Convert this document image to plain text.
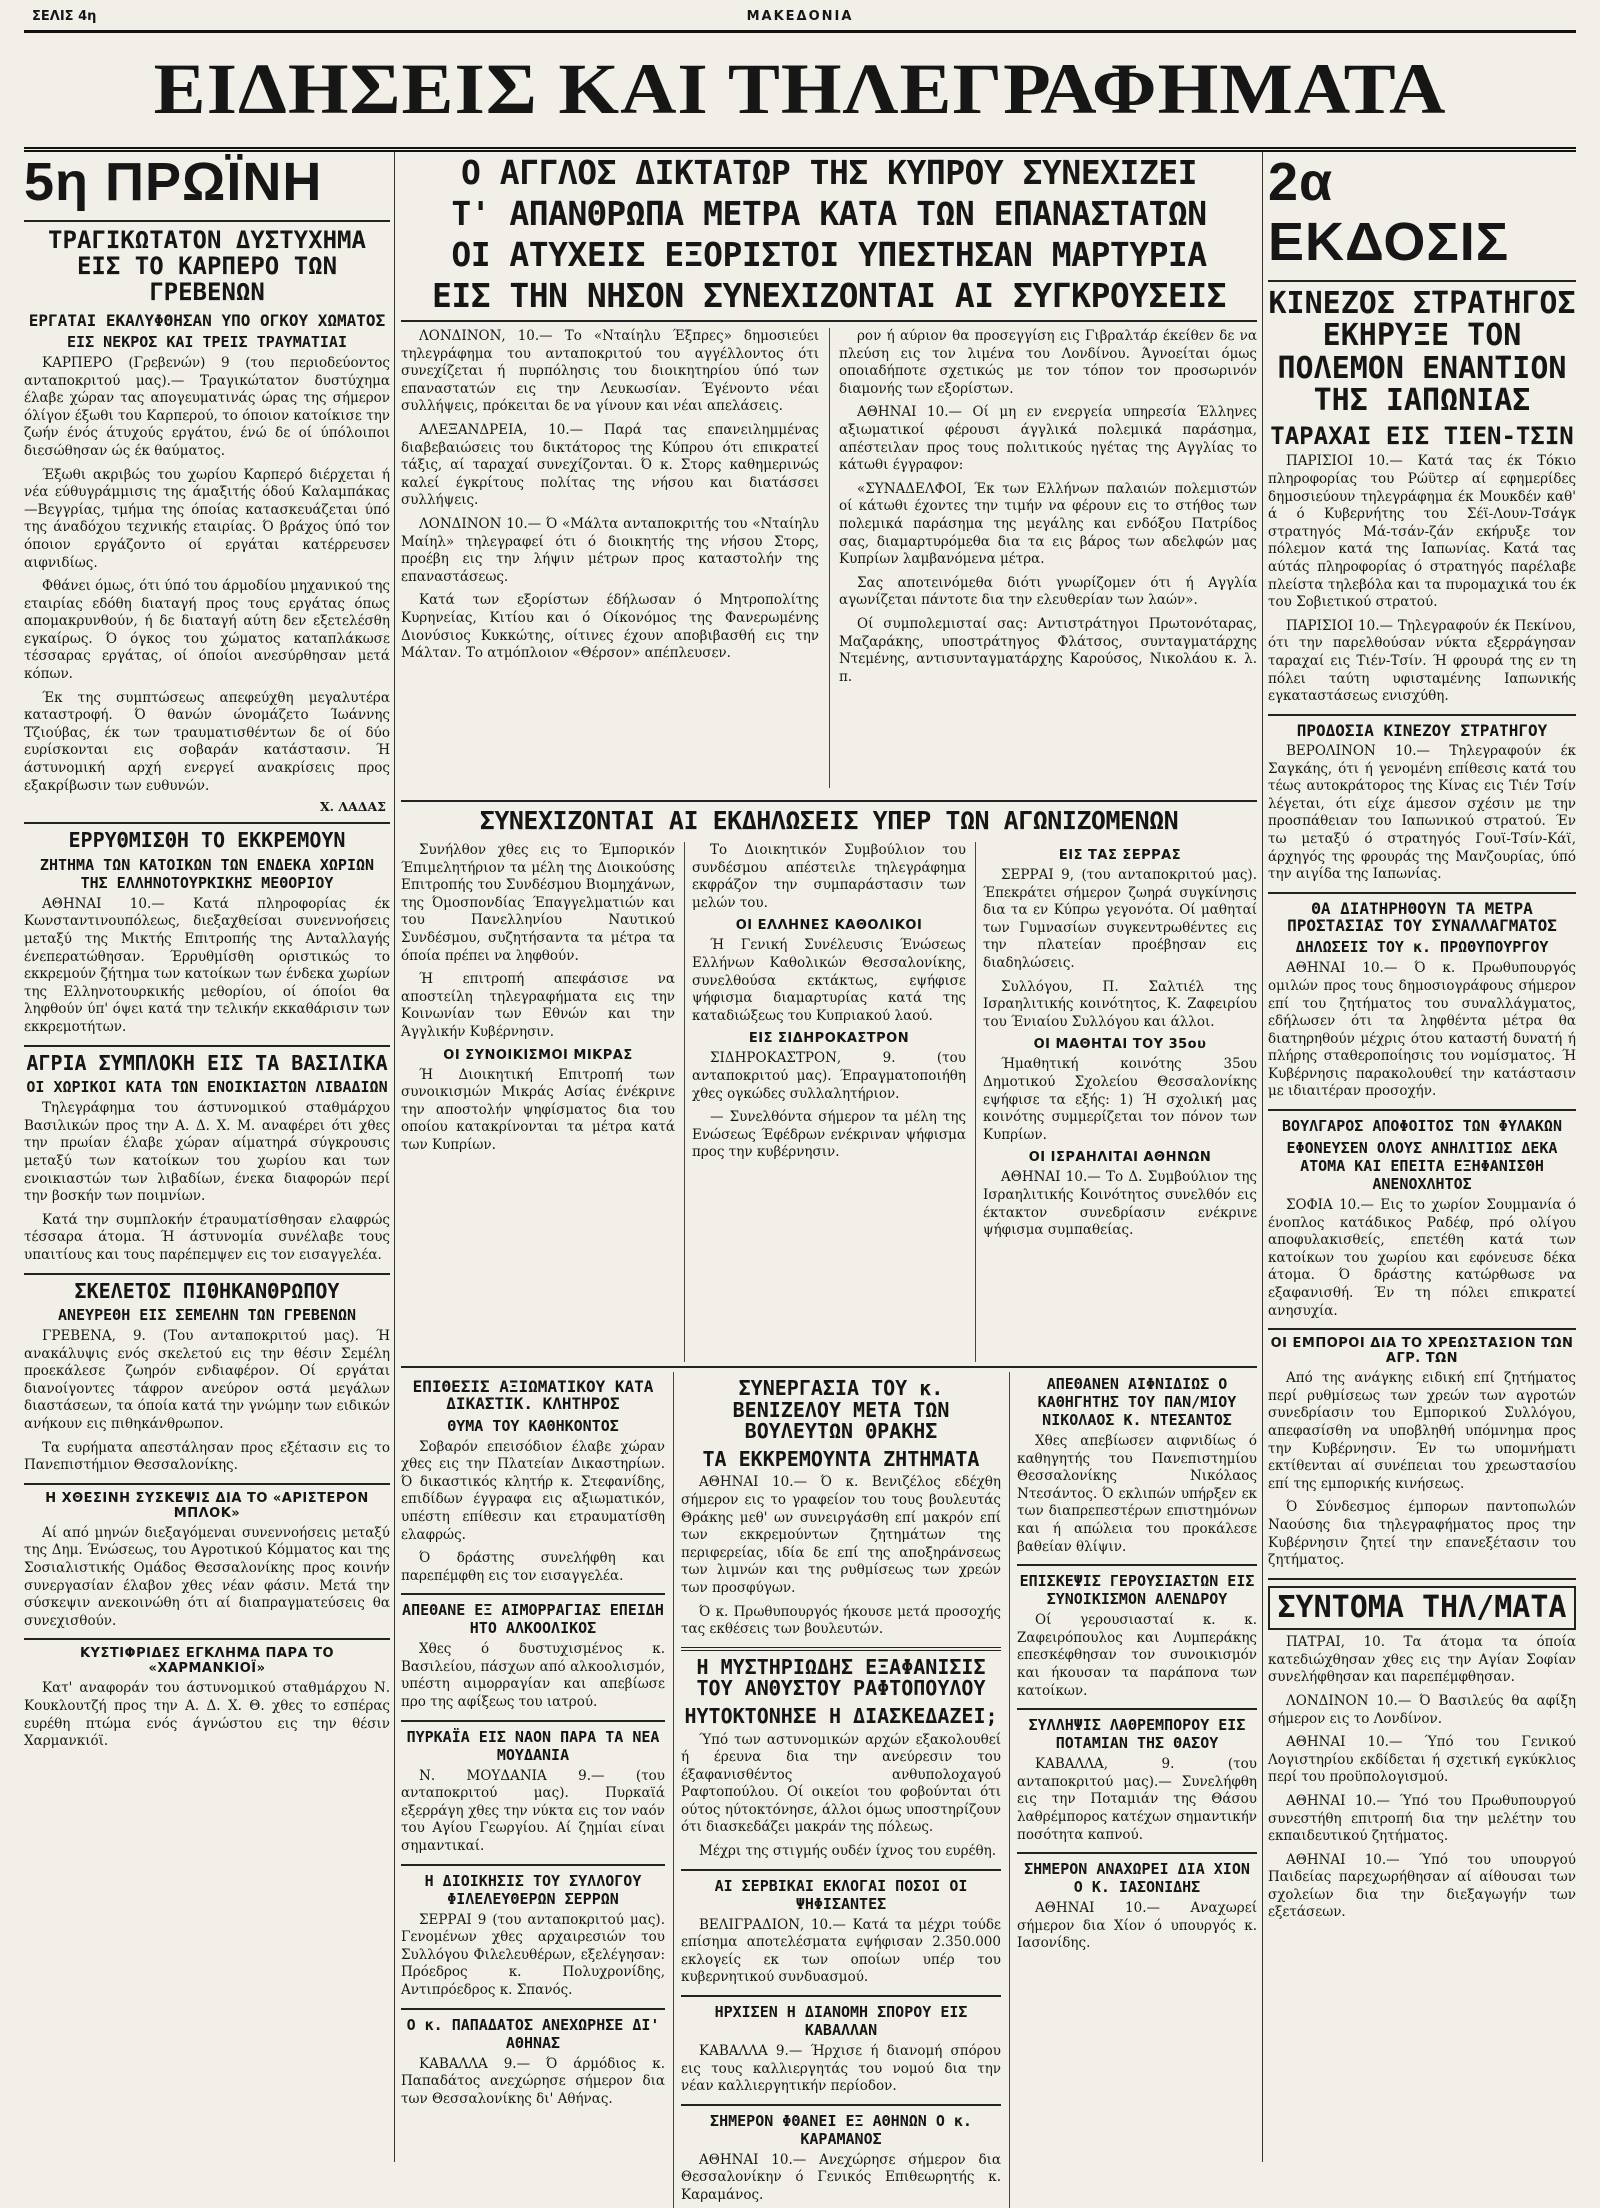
ΣΕΛΙΣ 4η	ΜΑΚΕΔΟΝΙΑ
ΕΙΔΗΣΕΙΣ ΚΑΙ ΤΗΛΕΓΡΑΦΗΜΑΤΑ
5η ΠΡΩΪΝΗ
ΤΡΑΓΙΚΩΤΑΤΟΝ ΔΥΣΤΥΧΗΜΑ ΕΙΣ ΤΟ ΚΑΡΠΕΡΟ ΤΩΝ ΓΡΕΒΕΝΩΝ
ΕΡΓΑΤΑΙ ΕΚΑΛΥΦΘΗΣΑΝ ΥΠΟ ΟΓΚΟΥ ΧΩΜΑΤΟΣ
ΕΙΣ ΝΕΚΡΟΣ ΚΑΙ ΤΡΕΙΣ ΤΡΑΥΜΑΤΙΑΙ

ΚΑΡΠΕΡΟ (Γρεβενών) 9 (του περιοδεύοντος ανταποκριτού μας).— Τραγικώτατον δυστύχημα έλαβε χώραν τας απογευματινάς ώρας της σήμερον όλίγον έξωθι του Καρπερού, το όποιον κατοίκισε την ζωήν ένός άτυχούς εργάτου, ένώ δε οί ύπόλοιποι διεσώθησαν ώς έκ θαύματος.

Έξωθι ακριβώς του χωρίου Καρπερό διέρχεται ή νέα εύθυγράμμισις της άμαξιτής όδού Καλαμπάκας—Βεγγρίας, τμήμα της όποίας κατασκευάζεται ύπό της άναδόχου τεχνικής εταιρίας. Ό βράχος ύπό τον όποιον εργάζοντο οί εργάται κατέρρευσεν αιφνιδίως.

Φθάνει όμως, ότι ύπό του άρμοδίου μηχανικού της εταιρίας εδόθη διαταγή προς τους εργάτας όπως απομακρυνθούν, ή δε διαταγή αύτη δεν εξετελέσθη εγκαίρως. Ό όγκος του χώματος καταπλάκωσε τέσσαρας εργάτας, οί όποίοι ανεσύρθησαν μετά κόπων.

Έκ της συμπτώσεως απεφεύχθη μεγαλυτέρα καταστροφή. Ό θανών ώνομάζετο Ίωάννης Τζιούβας, έκ των τραυματισθέντων δε οί δύο ευρίσκονται εις σοβαράν κατάστασιν. Ή άστυνομική αρχή ενεργεί ανακρίσεις προς εξακρίβωσιν των ευθυνών.

Χ. ΛΑΔΑΣ
ΕΡΡΥΘΜΙΣΘΗ ΤΟ ΕΚΚΡΕΜΟΥΝ
ΖΗΤΗΜΑ ΤΩΝ ΚΑΤΟΙΚΩΝ ΤΩΝ ΕΝΔΕΚΑ ΧΩΡΙΩΝ ΤΗΣ ΕΛΛΗΝΟΤΟΥΡΚΙΚΗΣ ΜΕΘΟΡΙΟΥ

ΑΘΗΝΑΙ 10.— Κατά πληροφορίας έκ Κωνσταντινουπόλεως, διεξαχθείσαι συνεννοήσεις μεταξύ της Μικτής Επιτροπής της Ανταλλαγής ένεπερατώθησαν. Έρρυθμίσθη οριστικώς το εκκρεμούν ζήτημα των κατοίκων των ένδεκα χωρίων της Ελληνοτουρκικής μεθορίου, οί όποίοι θα ληφθούν ύπ' όψει κατά την τελικήν εκκαθάρισιν των εκκρεμοτήτων.

ΑΓΡΙΑ ΣΥΜΠΛΟΚΗ ΕΙΣ ΤΑ ΒΑΣΙΛΙΚΑ
ΟΙ ΧΩΡΙΚΟΙ ΚΑΤΑ ΤΩΝ ΕΝΟΙΚΙΑΣΤΩΝ ΛΙΒΑΔΙΩΝ

Τηλεγράφημα του άστυνομικού σταθμάρχου Βασιλικών προς την Α. Δ. Χ. Μ. αναφέρει ότι χθες την πρωίαν έλαβε χώραν αίματηρά σύγκρουσις μεταξύ των κατοίκων του χωρίου και των ενοικιαστών των λιβαδίων, ένεκα διαφορών περί την βοσκήν των ποιμνίων.

Κατά την συμπλοκήν έτραυματίσθησαν ελαφρώς τέσσαρα άτομα. Ή άστυνομία συνέλαβε τους υπαιτίους και τους παρέπεμψεν εις τον εισαγγελέα.

ΣΚΕΛΕΤΟΣ ΠΙΘΗΚΑΝΘΡΩΠΟΥ
ΑΝΕΥΡΕΘΗ ΕΙΣ ΣΕΜΕΛΗΝ ΤΩΝ ΓΡΕΒΕΝΩΝ

ΓΡΕΒΕΝΑ, 9. (Του ανταποκριτού μας). Ή ανακάλυψις ενός σκελετού εις την θέσιν Σεμέλη προεκάλεσε ζωηρόν ενδιαφέρον. Οί εργάται διανοίγοντες τάφρον ανεύρον οστά μεγάλων διαστάσεων, τα όποία κατά την γνώμην των ειδικών ανήκουν εις πιθηκάνθρωπον.

Τα ευρήματα απεστάλησαν προς εξέτασιν εις το Πανεπιστήμιον Θεσσαλονίκης.

Η ΧΘΕΣΙΝΗ ΣΥΣΚΕΨΙΣ ΔΙΑ ΤΟ «ΑΡΙΣΤΕΡΟΝ ΜΠΛΟΚ»

Αί από μηνών διεξαγόμεναι συνεννοήσεις μεταξύ της Δημ. Ένώσεως, του Αγροτικού Κόμματος και της Σοσιαλιστικής Ομάδος Θεσσαλονίκης προς κοινήν συνεργασίαν έλαβον χθες νέαν φάσιν. Μετά την σύσκεψιν ανεκοινώθη ότι αί διαπραγματεύσεις θα συνεχισθούν.

ΚΥΣΤΙΦΡΙΔΕΣ ΕΓΚΛΗΜΑ ΠΑΡΑ ΤΟ «ΧΑΡΜΑΝΚΙΟΪ»

Κατ' αναφοράν του άστυνομικού σταθμάρχου Ν. Κουκλουτζή προς την Α. Δ. Χ. Θ. χθες το εσπέρας ευρέθη πτώμα ενός άγνώστου εις την θέσιν Χαρμανκιόϊ.

Ο ΑΓΓΛΟΣ ΔΙΚΤΑΤΩΡ ΤΗΣ ΚΥΠΡΟΥ ΣΥΝΕΧΙΖΕΙ
Τ' ΑΠΑΝΘΡΩΠΑ ΜΕΤΡΑ ΚΑΤΑ ΤΩΝ ΕΠΑΝΑΣΤΑΤΩΝ
ΟΙ ΑΤΥΧΕΙΣ ΕΞΟΡΙΣΤΟΙ ΥΠΕΣΤΗΣΑΝ ΜΑΡΤΥΡΙΑ
ΕΙΣ ΤΗΝ ΝΗΣΟΝ ΣΥΝΕΧΙΖΟΝΤΑΙ ΑΙ ΣΥΓΚΡΟΥΣΕΙΣ

ΛΟΝΔΙΝΟΝ, 10.— Το «Νταίηλυ Έξπρες» δημοσιεύει τηλεγράφημα του ανταποκριτού του αγγέλλοντος ότι συνεχίζεται ή πυρπόλησις του διοικητηρίου ύπό των επαναστατών εις την Λευκωσίαν. Έγένοντο νέαι συλλήψεις, πρόκειται δε να γίνουν και νέαι απελάσεις.

ΑΛΕΞΑΝΔΡΕΙΑ, 10.— Παρά τας επανειλημμένας διαβεβαιώσεις του δικτάτορος της Κύπρου ότι επικρατεί τάξις, αί ταραχαί συνεχίζονται. Ό κ. Στορς καθημερινώς καλεί έγκρίτους πολίτας της νήσου και διατάσσει συλλήψεις.

ΛΟΝΔΙΝΟΝ 10.— Ό «Μάλτα ανταποκριτής του «Νταίηλυ Μαίηλ» τηλεγραφεί ότι ό διοικητής της νήσου Στορς, προέβη εις την λήψιν μέτρων προς καταστολήν της επαναστάσεως.

Κατά των εξορίστων έδήλωσαν ό Μητροπολίτης Κυρηνείας, Κιτίου και ό Οίκονόμος της Φανερωμένης Διονύσιος Κυκκώτης, οίτινες έχουν αποβιβασθή εις την Μάλταν. Το ατμόπλοιον «Θέρσον» απέπλευσεν.

ρον ή αύριον θα προσεγγίση εις Γιβραλτάρ έκείθεν δε να πλεύση εις τον λιμένα του Λονδίνου. Άγνοείται όμως οποιαδήποτε σχετικώς με τον τόπον τον προσωρινόν διαμονής των εξορίστων.

ΑΘΗΝΑΙ 10.— Οί μη εν ενεργεία υπηρεσία Έλληνες αξιωματικοί φέρουσι άγγλικά πολεμικά παράσημα, απέστειλαν προς τους πολιτικούς ηγέτας της Αγγλίας το κάτωθι έγγραφον:

«ΣΥΝΑΔΕΛΦΟΙ, Έκ των Ελλήνων παλαιών πολεμιστών οί κάτωθι έχοντες την τιμήν να φέρουν εις το στήθος των πολεμικά παράσημα της μεγάλης και ενδόξου Πατρίδος σας, διαμαρτυρόμεθα δια τα εις βάρος των αδελφών μας Κυπρίων λαμβανόμενα μέτρα.

Σας αποτεινόμεθα διότι γνωρίζομεν ότι ή Αγγλία αγωνίζεται πάντοτε δια την ελευθερίαν των λαών».

Οί συμπολεμισταί σας: Αντιστράτηγοι Πρωτονόταρας, Μαζαράκης, υποστράτηγος Φλάτσος, συνταγματάρχης Ντεμένης, αντισυνταγματάρχης Καρούσος, Νικολάου κ. λ. π.

ΣΥΝΕΧΙΖΟΝΤΑΙ ΑΙ ΕΚΔΗΛΩΣΕΙΣ ΥΠΕΡ ΤΩΝ ΑΓΩΝΙΖΟΜΕΝΩΝ

Συνήλθον χθες εις το Έμπορικόν Έπιμελητήριον τα μέλη της Διοικούσης Επιτροπής του Συνδέσμου Βιομηχάνων, της Όμοσπονδίας Έπαγγελματιών και του Πανελληνίου Ναυτικού Συνδέσμου, συζητήσαντα τα μέτρα τα όποία πρέπει να ληφθούν.

Ή επιτροπή απεφάσισε να αποστείλη τηλεγραφήματα εις την Κοινωνίαν των Εθνών και την Άγγλικήν Κυβέρνησιν.

ΟΙ ΣΥΝΟΙΚΙΣΜΟΙ ΜΙΚΡΑΣ

Ή Διοικητική Επιτροπή των συνοικισμών Μικράς Ασίας ένέκρινε την αποστολήν ψηφίσματος δια του οποίου κατακρίνονται τα μέτρα κατά των Κυπρίων.

Το Διοικητικόν Συμβούλιον του συνδέσμου απέστειλε τηλεγράφημα εκφράζον την συμπαράστασιν των μελών του.

ΟΙ ΕΛΛΗΝΕΣ ΚΑΘΟΛΙΚΟΙ

Ή Γενική Συνέλευσις Ένώσεως Ελλήνων Καθολικών Θεσσαλονίκης, συνελθούσα εκτάκτως, εψήφισε ψήφισμα διαμαρτυρίας κατά της καταδιώξεως του Κυπριακού λαού.

ΕΙΣ ΣΙΔΗΡΟΚΑΣΤΡΟΝ

ΣΙΔΗΡΟΚΑΣΤΡΟΝ, 9. (του ανταποκριτού μας). Έπραγματοποιήθη χθες ογκώδες συλλαλητήριον.

— Συνελθόντα σήμερον τα μέλη της Ενώσεως Έφέδρων ενέκριναν ψήφισμα προς την κυβέρνησιν.

ΕΙΣ ΤΑΣ ΣΕΡΡΑΣ

ΣΕΡΡΑΙ 9, (του ανταποκριτού μας). Έπεκράτει σήμερον ζωηρά συγκίνησις δια τα εν Κύπρω γεγονότα. Οί μαθηταί των Γυμνασίων συγκεντρωθέντες εις την πλατείαν προέβησαν εις διαδηλώσεις.

Συλλόγου, Π. Σαλτιέλ της Ισραηλιτικής κοινότητος, Κ. Ζαφειρίου του Ένιαίου Συλλόγου και άλλοι.

ΟΙ ΜΑΘΗΤΑΙ ΤΟΥ 35ου

Ήμαθητική κοινότης 35ου Δημοτικού Σχολείου Θεσσαλονίκης εψήφισε τα εξής: 1) Ή σχολική μας κοινότης συμμερίζεται τον πόνον των Κυπρίων.

ΟΙ ΙΣΡΑΗΛΙΤΑΙ ΑΘΗΝΩΝ

ΑΘΗΝΑΙ 10.— Το Δ. Συμβούλιον της Ισραηλιτικής Κοινότητος συνελθόν εις έκτακτον συνεδρίασιν ενέκρινε ψήφισμα συμπαθείας.

ΕΠΙΘΕΣΙΣ ΑΞΙΩΜΑΤΙΚΟΥ ΚΑΤΑ ΔΙΚΑΣΤΙΚ. ΚΛΗΤΗΡΟΣ
ΘΥΜΑ ΤΟΥ ΚΑΘΗΚΟΝΤΟΣ

Σοβαρόν επεισόδιον έλαβε χώραν χθες εις την Πλατείαν Δικαστηρίων. Ό δικαστικός κλητήρ κ. Στεφανίδης, επιδίδων έγγραφα εις αξιωματικόν, υπέστη επίθεσιν και ετραυματίσθη ελαφρώς.

Ό δράστης συνελήφθη και παρεπέμφθη εις τον εισαγγελέα.

ΑΠΕΘΑΝΕ ΕΞ ΑΙΜΟΡΡΑΓΙΑΣ ΕΠΕΙΔΗ ΗΤΟ ΑΛΚΟΟΛΙΚΟΣ

Χθες ό δυστυχισμένος κ. Βασιλείου, πάσχων από αλκοολισμόν, υπέστη αιμορραγίαν και απεβίωσε προ της αφίξεως του ιατρού.

ΠΥΡΚΑΪΑ ΕΙΣ ΝΑΟΝ ΠΑΡΑ ΤΑ ΝΕΑ ΜΟΥΔΑΝΙΑ

Ν. ΜΟΥΔΑΝΙΑ 9.— (του ανταποκριτού μας). Πυρκαϊά εξερράγη χθες την νύκτα εις τον ναόν του Αγίου Γεωργίου. Αί ζημίαι είναι σημαντικαί.

Η ΔΙΟΙΚΗΣΙΣ ΤΟΥ ΣΥΛΛΟΓΟΥ ΦΙΛΕΛΕΥΘΕΡΩΝ ΣΕΡΡΩΝ

ΣΕΡΡΑΙ 9 (του ανταποκριτού μας). Γενομένων χθες αρχαιρεσιών του Συλλόγου Φιλελευθέρων, εξελέγησαν: Πρόεδρος κ. Πολυχρονίδης, Αντιπρόεδρος κ. Σπανός.

Ο κ. ΠΑΠΑΔΑΤΟΣ ΑΝΕΧΩΡΗΣΕ ΔΙ' ΑΘΗΝΑΣ

ΚΑΒΑΛΛΑ 9.— Ό άρμόδιος κ. Παπαδάτος ανεχώρησε σήμερον δια των Θεσσαλονίκης δι' Αθήνας.

ΣΥΝΕΡΓΑΣΙΑ ΤΟΥ κ. ΒΕΝΙΖΕΛΟΥ ΜΕΤΑ ΤΩΝ ΒΟΥΛΕΥΤΩΝ ΘΡΑΚΗΣ
ΤΑ ΕΚΚΡΕΜΟΥΝΤΑ ΖΗΤΗΜΑΤΑ

ΑΘΗΝΑΙ 10.— Ό κ. Βενιζέλος εδέχθη σήμερον εις το γραφείον του τους βουλευτάς Θράκης μεθ' ων συνειργάσθη επί μακρόν επί των εκκρεμούντων ζητημάτων της περιφερείας, ιδία δε επί της αποξηράνσεως των λιμνών και της ρυθμίσεως των χρεών των προσφύγων.

Ό κ. Πρωθυπουργός ήκουσε μετά προσοχής τας εκθέσεις των βουλευτών.

Η ΜΥΣΤΗΡΙΩΔΗΣ ΕΞΑΦΑΝΙΣΙΣ ΤΟΥ ΑΝΘΥΣΤΟΥ ΡΑΦΤΟΠΟΥΛΟΥ
ΗΥΤΟΚΤΟΝΗΣΕ Η ΔΙΑΣΚΕΔΑΖΕΙ;

Ύπό των αστυνομικών αρχών εξακολουθεί ή έρευνα δια την ανεύρεσιν του έξαφανισθέντος ανθυπολοχαγού Ραφτοπούλου. Οί οικείοι του φοβούνται ότι ούτος ηύτοκτόνησε, άλλοι όμως υποστηρίζουν ότι διασκεδάζει μακράν της πόλεως.

Μέχρι της στιγμής ουδέν ίχνος του ευρέθη.

ΑΙ ΣΕΡΒΙΚΑΙ ΕΚΛΟΓΑΙ ΠΟΣΟΙ ΟΙ ΨΗΦΙΣΑΝΤΕΣ

ΒΕΛΙΓΡΑΔΙΟΝ, 10.— Κατά τα μέχρι τούδε επίσημα αποτελέσματα εψήφισαν 2.350.000 εκλογείς εκ των οποίων υπέρ του κυβερνητικού συνδυασμού.

ΗΡΧΙΣΕΝ Η ΔΙΑΝΟΜΗ ΣΠΟΡΟΥ ΕΙΣ ΚΑΒΑΛΛΑΝ

ΚΑΒΑΛΛΑ 9.— Ήρχισε ή διανομή σπόρου εις τους καλλιεργητάς του νομού δια την νέαν καλλιεργητικήν περίοδον.

ΣΗΜΕΡΟΝ ΦΘΑΝΕΙ ΕΞ ΑΘΗΝΩΝ Ο κ. ΚΑΡΑΜΑΝΟΣ

ΑΘΗΝΑΙ 10.— Ανεχώρησε σήμερον δια Θεσσαλονίκην ό Γενικός Επιθεωρητής κ. Καραμάνος.

ΑΠΕΘΑΝΕΝ ΑΙΦΝΙΔΙΩΣ Ο ΚΑΘΗΓΗΤΗΣ ΤΟΥ ΠΑΝ/ΜΙΟΥ ΝΙΚΟΛΑΟΣ Κ. ΝΤΕΣΑΝΤΟΣ

Χθες απεβίωσεν αιφνιδίως ό καθηγητής του Πανεπιστημίου Θεσσαλονίκης Νικόλαος Ντεσάντος. Ό εκλιπών υπήρξεν εκ των διαπρεπεστέρων επιστημόνων και ή απώλεια του προκάλεσε βαθείαν θλίψιν.

ΕΠΙΣΚΕΨΙΣ ΓΕΡΟΥΣΙΑΣΤΩΝ ΕΙΣ ΣΥΝΟΙΚΙΣΜΟΝ ΑΛΕΝΔΡΟΥ

Οί γερουσιασταί κ. κ. Ζαφειρόπουλος και Λυμπεράκης επεσκέφθησαν τον συνοικισμόν και ήκουσαν τα παράπονα των κατοίκων.

ΣΥΛΛΗΨΙΣ ΛΑΘΡΕΜΠΟΡΟΥ ΕΙΣ ΠΟΤΑΜΙΑΝ ΤΗΣ ΘΑΣΟΥ

ΚΑΒΑΛΛΑ, 9. (του ανταποκριτού μας).— Συνελήφθη εις την Ποταμιάν της Θάσου λαθρέμπορος κατέχων σημαντικήν ποσότητα καπνού.

ΣΗΜΕΡΟΝ ΑΝΑΧΩΡΕΙ ΔΙΑ ΧΙΟΝ Ο Κ. ΙΑΣΟΝΙΔΗΣ

ΑΘΗΝΑΙ 10.— Αναχωρεί σήμερον δια Χίον ό υπουργός κ. Ιασονίδης.

2α ΕΚΔΟΣΙΣ
ΚΙΝΕΖΟΣ ΣΤΡΑΤΗΓΟΣ ΕΚΗΡΥΞΕ ΤΟΝ ΠΟΛΕΜΟΝ ΕΝΑΝΤΙΟΝ ΤΗΣ ΙΑΠΩΝΙΑΣ
ΤΑΡΑΧΑΙ ΕΙΣ ΤΙΕΝ-ΤΣΙΝ

ΠΑΡΙΣΙΟΙ 10.— Κατά τας έκ Τόκιο πληροφορίας του Ρώϋτερ αί εφημερίδες δημοσιεύουν τηλεγράφημα έκ Μουκδέν καθ' ά ό Κυβερνήτης του Σέϊ-Λουν-Τσάγκ στρατηγός Μά-τσάν-ζάν εκήρυξε τον πόλεμον κατά της Ιαπωνίας. Κατά τας αύτάς πληροφορίας ό στρατηγός παρέλαβε πλείστα τηλεβόλα και τα πυρομαχικά του έκ του Σοβιετικού στρατού.

ΠΑΡΙΣΙΟΙ 10.— Τηλεγραφούν έκ Πεκίνου, ότι την παρελθούσαν νύκτα εξερράγησαν ταραχαί εις Τιέν-Τσίν. Ή φρουρά της εν τη πόλει ταύτη υφισταμένης Ιαπωνικής εγκαταστάσεως ενισχύθη.

ΠΡΟΔΟΣΙΑ ΚΙΝΕΖΟΥ ΣΤΡΑΤΗΓΟΥ

ΒΕΡΟΛΙΝΟΝ 10.— Τηλεγραφούν έκ Σαγκάης, ότι ή γενομένη επίθεσις κατά του τέως αυτοκράτορος της Κίνας εις Τιέν Τσίν λέγεται, ότι είχε άμεσον σχέσιν με την προσπάθειαν του Ιαπωνικού στρατού. Έν τω μεταξύ ό στρατηγός Γουϊ-Τσίν-Κάϊ, άρχηγός της φρουράς της Μανζουρίας, ύπό την αιγίδα της Ιαπωνίας.

ΘΑ ΔΙΑΤΗΡΗΘΟΥΝ ΤΑ ΜΕΤΡΑ ΠΡΟΣΤΑΣΙΑΣ ΤΟΥ ΣΥΝΑΛΛΑΓΜΑΤΟΣ
ΔΗΛΩΣΕΙΣ ΤΟΥ κ. ΠΡΩΘΥΠΟΥΡΓΟΥ

ΑΘΗΝΑΙ 10.— Ό κ. Πρωθυπουργός ομιλών προς τους δημοσιογράφους σήμερον επί του ζητήματος του συναλλάγματος, εδήλωσεν ότι τα ληφθέντα μέτρα θα διατηρηθούν μέχρις ότου καταστή δυνατή ή πλήρης σταθεροποίησις του νομίσματος. Ή Κυβέρνησις παρακολουθεί την κατάστασιν με ιδιαιτέραν προσοχήν.

ΒΟΥΛΓΑΡΟΣ ΑΠΟΦΟΙΤΟΣ ΤΩΝ ΦΥΛΑΚΩΝ
ΕΦΟΝΕΥΣΕΝ ΟΛΟΥΣ ΑΝΗΛΙΤΙΩΣ ΔΕΚΑ ΑΤΟΜΑ ΚΑΙ ΕΠΕΙΤΑ ΕΞΗΦΑΝΙΣΘΗ ΑΝΕΝΟΧΛΗΤΟΣ

ΣΟΦΙΑ 10.— Εις το χωρίον Σουμμανία ό ένοπλος κατάδικος Ραδέφ, πρό ολίγου αποφυλακισθείς, επετέθη κατά των κατοίκων του χωρίου και εφόνευσε δέκα άτομα. Ό δράστης κατώρθωσε να εξαφανισθή. Έν τη πόλει επικρατεί ανησυχία.

ΟΙ ΕΜΠΟΡΟΙ ΔΙΑ ΤΟ ΧΡΕΩΣΤΑΣΙΟΝ ΤΩΝ ΑΓΡ. ΤΩΝ

Από της ανάγκης ειδική επί ζητήματος περί ρυθμίσεως των χρεών των αγροτών συνεδρίασιν του Εμπορικού Συλλόγου, απεφασίσθη να υποβληθή υπόμνημα προς την Κυβέρνησιν. Έν τω υπομνήματι εκτίθενται αί συνέπειαι του χρεωστασίου επί της εμπορικής κινήσεως.

Ό Σύνδεσμος έμπορων παντοπωλών Ναούσης δια τηλεγραφήματος προς την Κυβέρνησιν ζητεί την επανεξέτασιν του ζητήματος.

ΣΥΝΤΟΜΑ ΤΗΛ/ΜΑΤΑ

ΠΑΤΡΑΙ, 10. Τα άτομα τα όποία κατεδιώχθησαν χθες εις την Αγίαν Σοφίαν συνελήφθησαν και παρεπέμφθησαν.

ΛΟΝΔΙΝΟΝ 10.— Ό Βασιλεύς θα αφίξη σήμερον εις το Λονδίνον.

ΑΘΗΝΑΙ 10.— Ύπό του Γενικού Λογιστηρίου εκδίδεται ή σχετική εγκύκλιος περί του προϋπολογισμού.

ΑΘΗΝΑΙ 10.— Ύπό του Πρωθυπουργού συνεστήθη επιτροπή δια την μελέτην του εκπαιδευτικού ζητήματος.

ΑΘΗΝΑΙ 10.— Ύπό του υπουργού Παιδείας παρεχωρήθησαν αί αίθουσαι των σχολείων δια την διεξαγωγήν των εξετάσεων.
